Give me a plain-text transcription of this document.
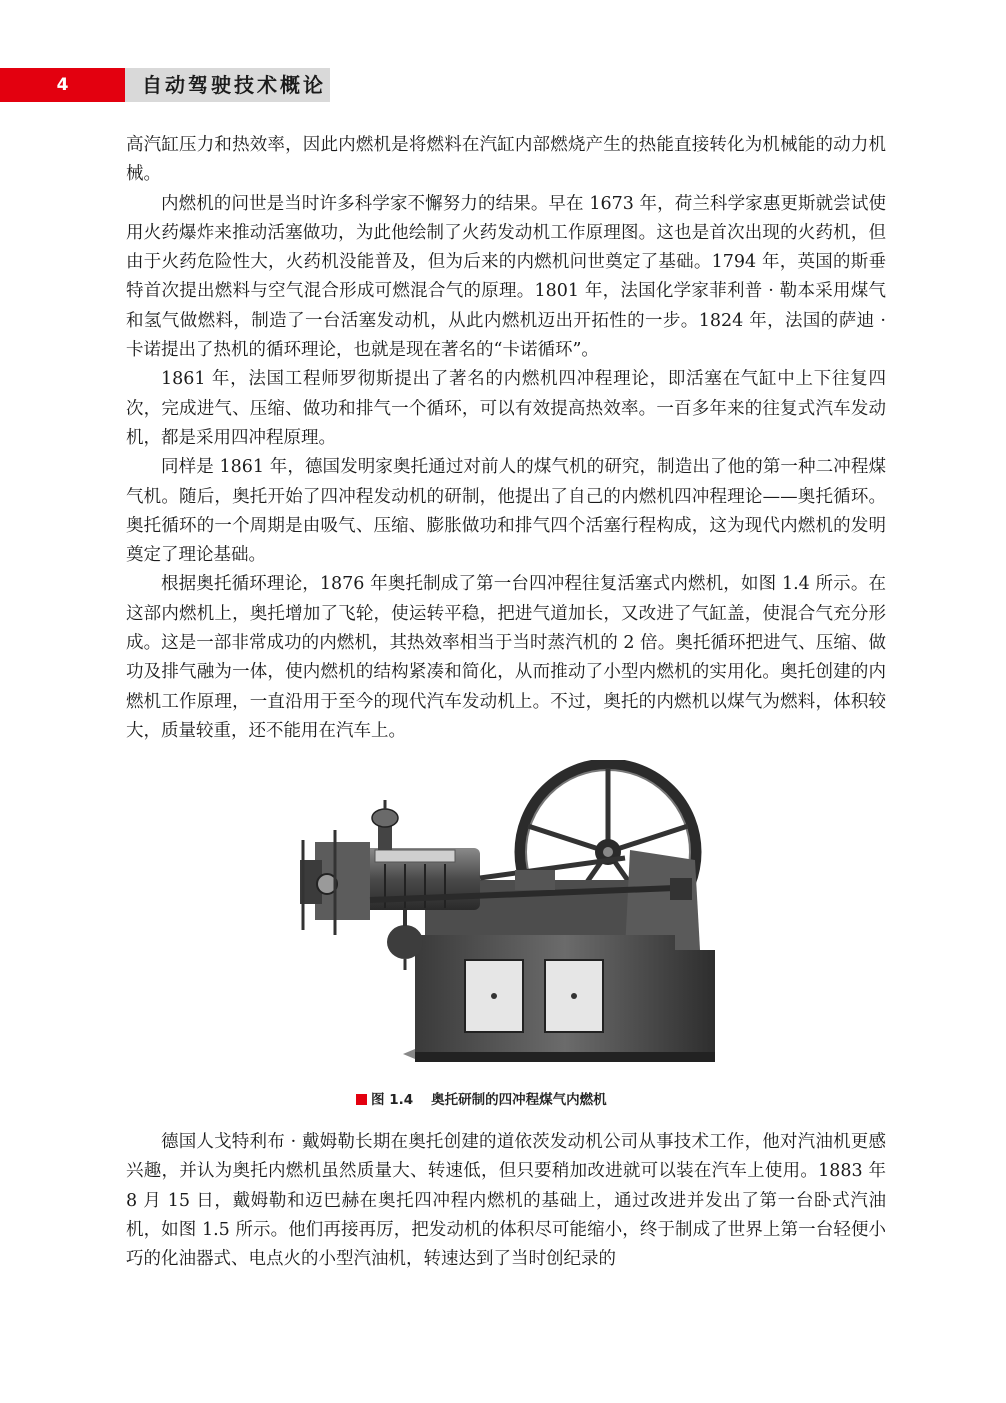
4	自动驾驶技术概论

高汽缸压力和热效率，因此内燃机是将燃料在汽缸内部燃烧产生的热能直接转化为机械能的动力机械。

内燃机的问世是当时许多科学家不懈努力的结果。早在 1673 年，荷兰科学家惠更斯就尝试使用火药爆炸来推动活塞做功，为此他绘制了火药发动机工作原理图。这也是首次出现的火药机，但由于火药危险性大，火药机没能普及，但为后来的内燃机问世奠定了基础。1794 年，英国的斯垂特首次提出燃料与空气混合形成可燃混合气的原理。1801 年，法国化学家菲利普 · 勒本采用煤气和氢气做燃料，制造了一台活塞发动机，从此内燃机迈出开拓性的一步。1824 年，法国的萨迪 · 卡诺提出了热机的循环理论，也就是现在著名的“卡诺循环”。

1861 年，法国工程师罗彻斯提出了著名的内燃机四冲程理论，即活塞在气缸中上下往复四次，完成进气、压缩、做功和排气一个循环，可以有效提高热效率。一百多年来的往复式汽车发动机，都是采用四冲程原理。

同样是 1861 年，德国发明家奥托通过对前人的煤气机的研究，制造出了他的第一种二冲程煤气机。随后，奥托开始了四冲程发动机的研制，他提出了自己的内燃机四冲程理论——奥托循环。奥托循环的一个周期是由吸气、压缩、膨胀做功和排气四个活塞行程构成，这为现代内燃机的发明奠定了理论基础。

根据奥托循环理论，1876 年奥托制成了第一台四冲程往复活塞式内燃机，如图 1.4 所示。在这部内燃机上，奥托增加了飞轮，使运转平稳，把进气道加长，又改进了气缸盖，使混合气充分形成。这是一部非常成功的内燃机，其热效率相当于当时蒸汽机的 2 倍。奥托循环把进气、压缩、做功及排气融为一体，使内燃机的结构紧凑和简化，从而推动了小型内燃机的实用化。奥托创建的内燃机工作原理，一直沿用于至今的现代汽车发动机上。不过，奥托的内燃机以煤气为燃料，体积较大，质量较重，还不能用在汽车上。

图 1.4 奥托研制的四冲程煤气内燃机

德国人戈特利布 · 戴姆勒长期在奥托创建的道依茨发动机公司从事技术工作，他对汽油机更感兴趣，并认为奥托内燃机虽然质量大、转速低，但只要稍加改进就可以装在汽车上使用。1883 年 8 月 15 日，戴姆勒和迈巴赫在奥托四冲程内燃机的基础上，通过改进并发出了第一台卧式汽油机，如图 1.5 所示。他们再接再厉，把发动机的体积尽可能缩小，终于制成了世界上第一台轻便小巧的化油器式、电点火的小型汽油机，转速达到了当时创纪录的
